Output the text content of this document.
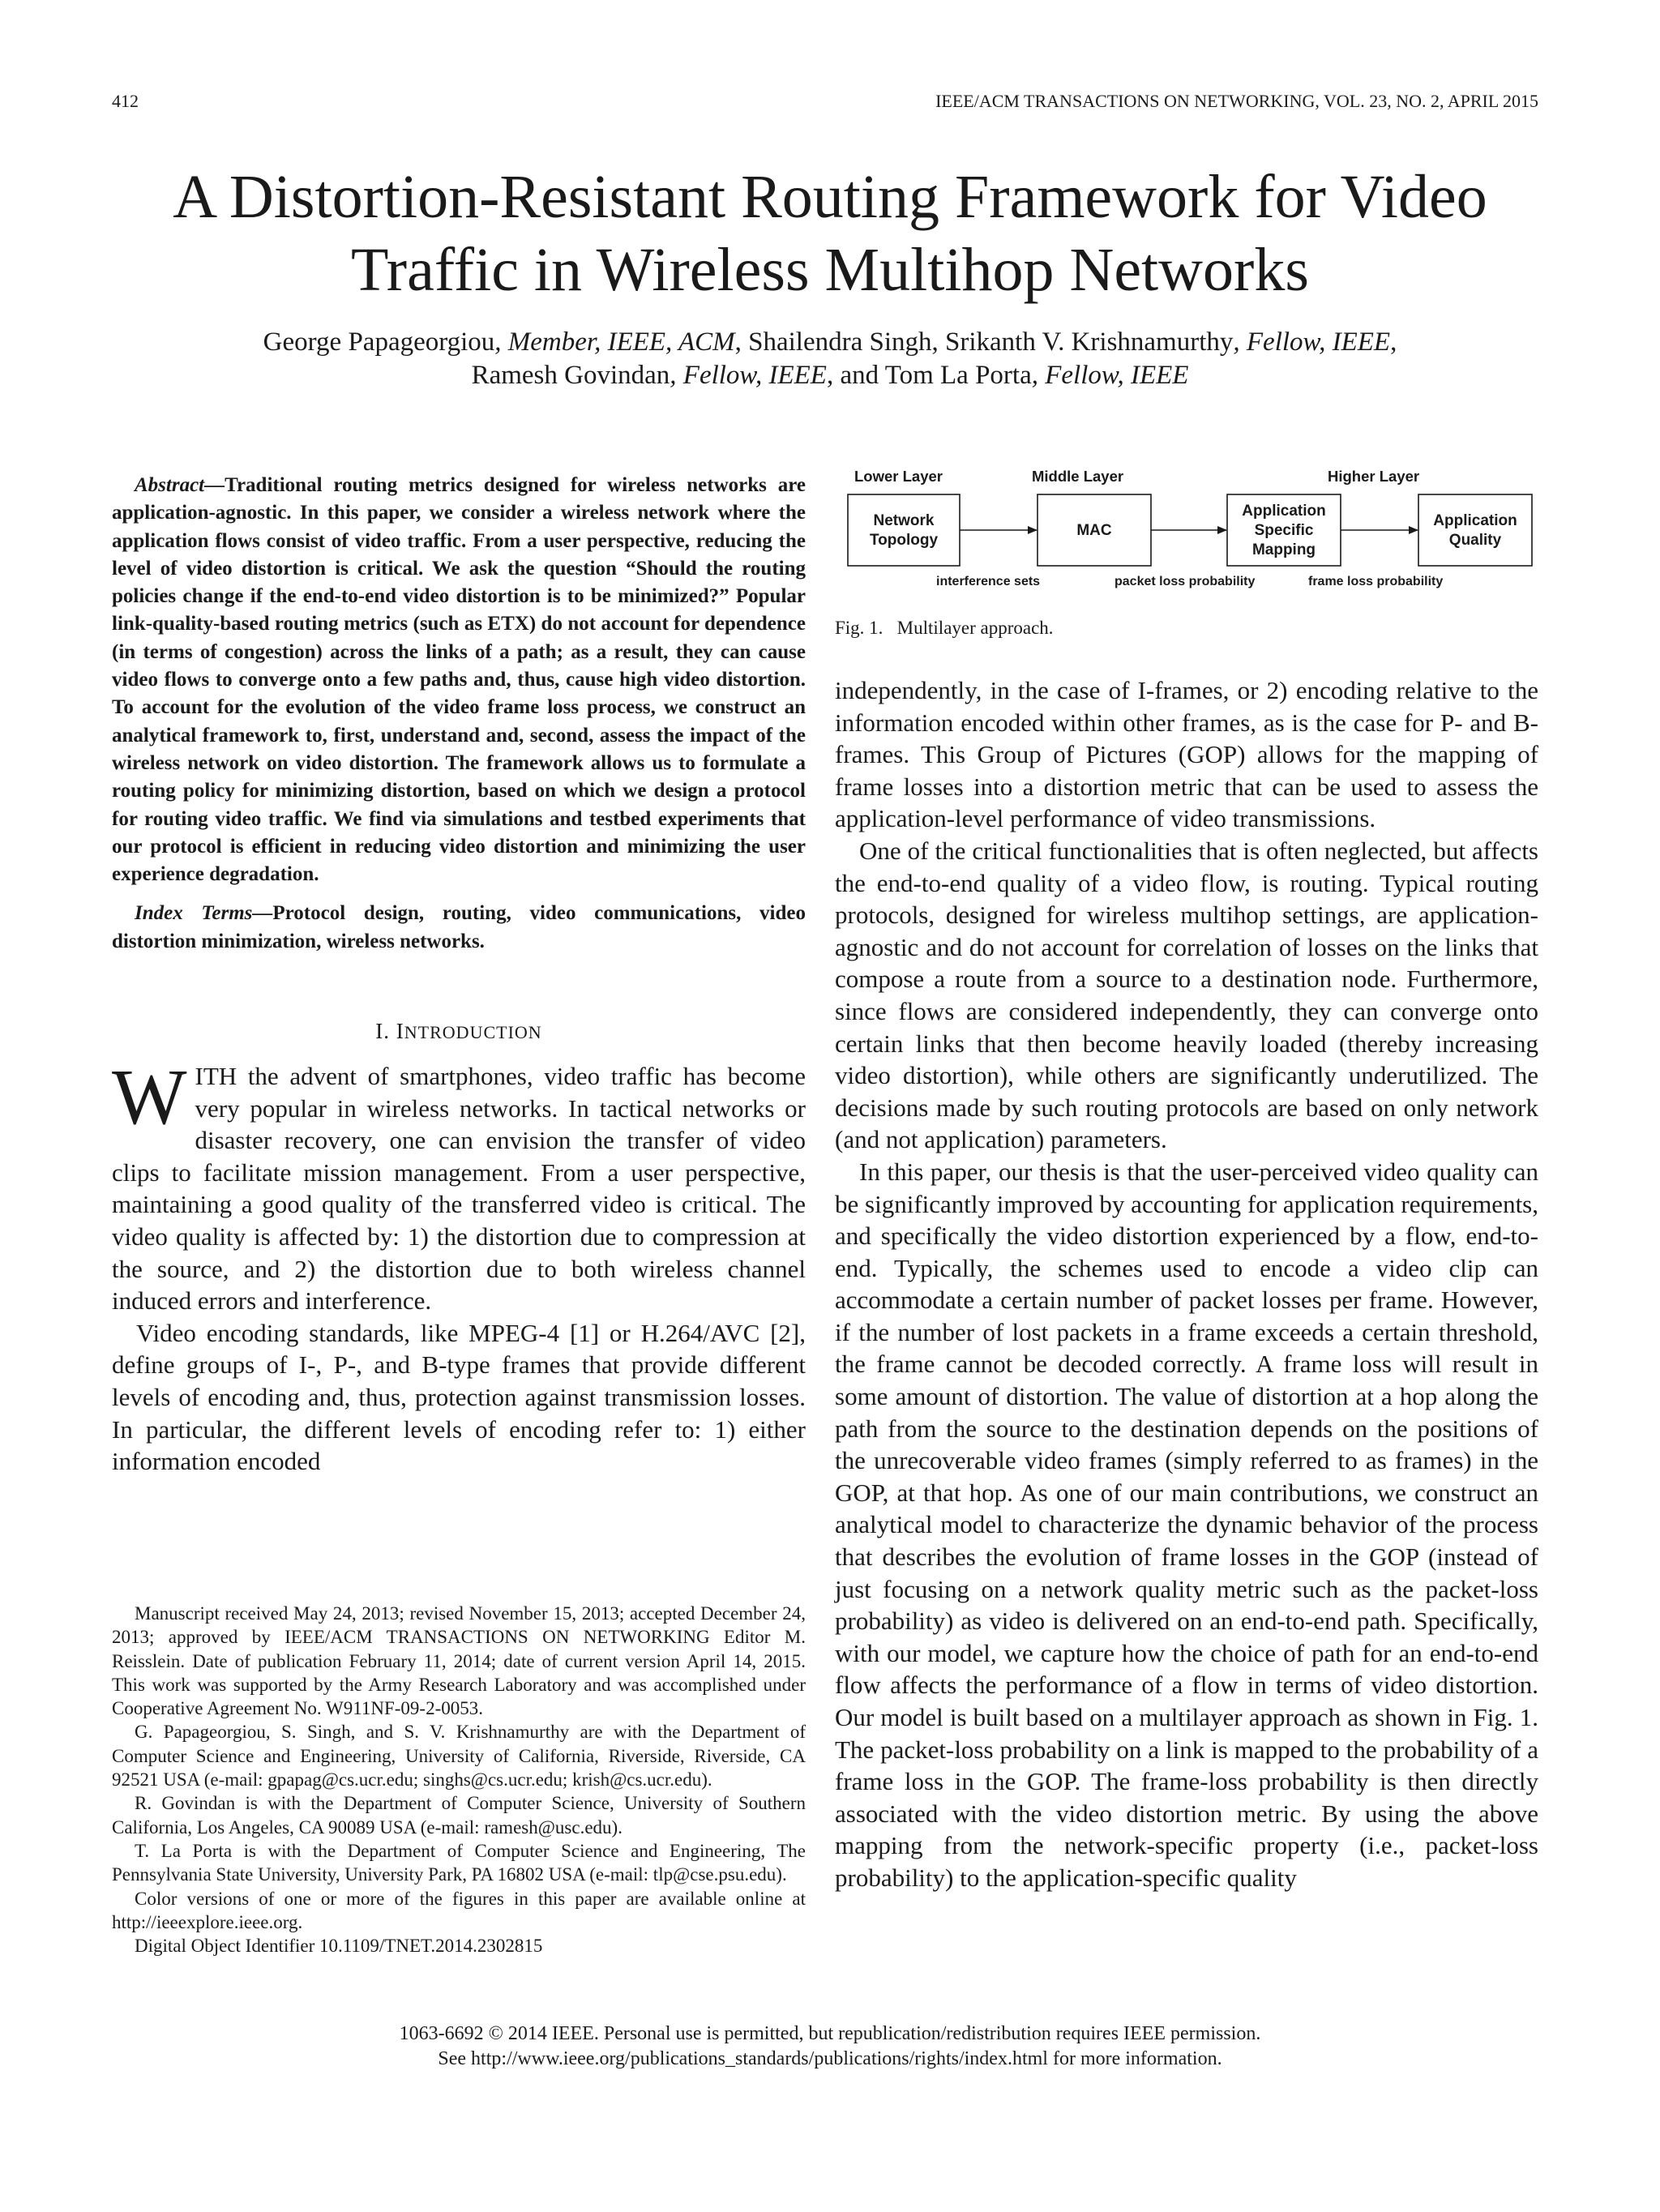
412	IEEE/ACM TRANSACTIONS ON NETWORKING, VOL. 23, NO. 2, APRIL 2015
A Distortion-Resistant Routing Framework for Video
Traffic in Wireless Multihop Networks
George Papageorgiou, Member, IEEE, ACM, Shailendra Singh, Srikanth V. Krishnamurthy, Fellow, IEEE,
Ramesh Govindan, Fellow, IEEE, and Tom La Porta, Fellow, IEEE

Abstract—Traditional routing metrics designed for wireless networks are application-agnostic. In this paper, we consider a wireless network where the application flows consist of video traffic. From a user perspective, reducing the level of video distortion is critical. We ask the question “Should the routing policies change if the end-to-end video distortion is to be minimized?” Popular link-quality-based routing metrics (such as ETX) do not account for dependence (in terms of congestion) across the links of a path; as a result, they can cause video flows to converge onto a few paths and, thus, cause high video distortion. To account for the evolution of the video frame loss process, we construct an analytical framework to, first, understand and, second, assess the impact of the wireless network on video distortion. The framework allows us to formulate a routing policy for minimizing distortion, based on which we design a protocol for routing video traffic. We find via simulations and testbed experiments that our protocol is efficient in reducing video distortion and minimizing the user experience degradation.

Index Terms—Protocol design, routing, video communications, video distortion minimization, wireless networks.

I. INTRODUCTION

WITH the advent of smartphones, video traffic has become very popular in wireless networks. In tactical networks or disaster recovery, one can envision the transfer of video clips to facilitate mission management. From a user perspective, maintaining a good quality of the transferred video is critical. The video quality is affected by: 1) the distortion due to compression at the source, and 2) the distortion due to both wireless channel induced errors and interference.

Video encoding standards, like MPEG-4 [1] or H.264/AVC [2], define groups of I-, P-, and B-type frames that provide different levels of encoding and, thus, protection against transmission losses. In particular, the different levels of encoding refer to: 1) either information encoded

Manuscript received May 24, 2013; revised November 15, 2013; accepted December 24, 2013; approved by IEEE/ACM TRANSACTIONS ON NETWORKING Editor M. Reisslein. Date of publication February 11, 2014; date of current version April 14, 2015. This work was supported by the Army Research Laboratory and was accomplished under Cooperative Agreement No. W911NF-09-2-0053.

G. Papageorgiou, S. Singh, and S. V. Krishnamurthy are with the Department of Computer Science and Engineering, University of California, Riverside, Riverside, CA 92521 USA (e-mail: gpapag@cs.ucr.edu; singhs@cs.ucr.edu; krish@cs.ucr.edu).

R. Govindan is with the Department of Computer Science, University of Southern California, Los Angeles, CA 90089 USA (e-mail: ramesh@usc.edu).

T. La Porta is with the Department of Computer Science and Engineering, The Pennsylvania State University, University Park, PA 16802 USA (e-mail: tlp@cse.psu.edu).

Color versions of one or more of the figures in this paper are available online at http://ieeexplore.ieee.org.

Digital Object Identifier 10.1109/TNET.2014.2302815

Lower Layer	Middle Layer	Higher Layer
Network
Topology
MAC
Application
Specific
Mapping
Application
Quality
interference sets	packet loss probability	frame loss probability
Fig. 1.   Multilayer approach.

independently, in the case of I-frames, or 2) encoding relative to the information encoded within other frames, as is the case for P- and B-frames. This Group of Pictures (GOP) allows for the mapping of frame losses into a distortion metric that can be used to assess the application-level performance of video transmissions.

One of the critical functionalities that is often neglected, but affects the end-to-end quality of a video flow, is routing. Typical routing protocols, designed for wireless multihop settings, are application-agnostic and do not account for correlation of losses on the links that compose a route from a source to a destination node. Furthermore, since flows are considered independently, they can converge onto certain links that then become heavily loaded (thereby increasing video distortion), while others are significantly underutilized. The decisions made by such routing protocols are based on only network (and not application) parameters.

In this paper, our thesis is that the user-perceived video quality can be significantly improved by accounting for application requirements, and specifically the video distortion experienced by a flow, end-to-end. Typically, the schemes used to encode a video clip can accommodate a certain number of packet losses per frame. However, if the number of lost packets in a frame exceeds a certain threshold, the frame cannot be decoded correctly. A frame loss will result in some amount of distortion. The value of distortion at a hop along the path from the source to the destination depends on the positions of the unrecoverable video frames (simply referred to as frames) in the GOP, at that hop. As one of our main contributions, we construct an analytical model to characterize the dynamic behavior of the process that describes the evolution of frame losses in the GOP (instead of just focusing on a network quality metric such as the packet-loss probability) as video is delivered on an end-to-end path. Specifically, with our model, we capture how the choice of path for an end-to-end flow affects the performance of a flow in terms of video distortion. Our model is built based on a multilayer approach as shown in Fig. 1. The packet-loss probability on a link is mapped to the probability of a frame loss in the GOP. The frame-loss probability is then directly associated with the video distortion metric. By using the above mapping from the network-specific property (i.e., packet-loss probability) to the application-specific quality

1063-6692 © 2014 IEEE. Personal use is permitted, but republication/redistribution requires IEEE permission.
See http://www.ieee.org/publications_standards/publications/rights/index.html for more information.
